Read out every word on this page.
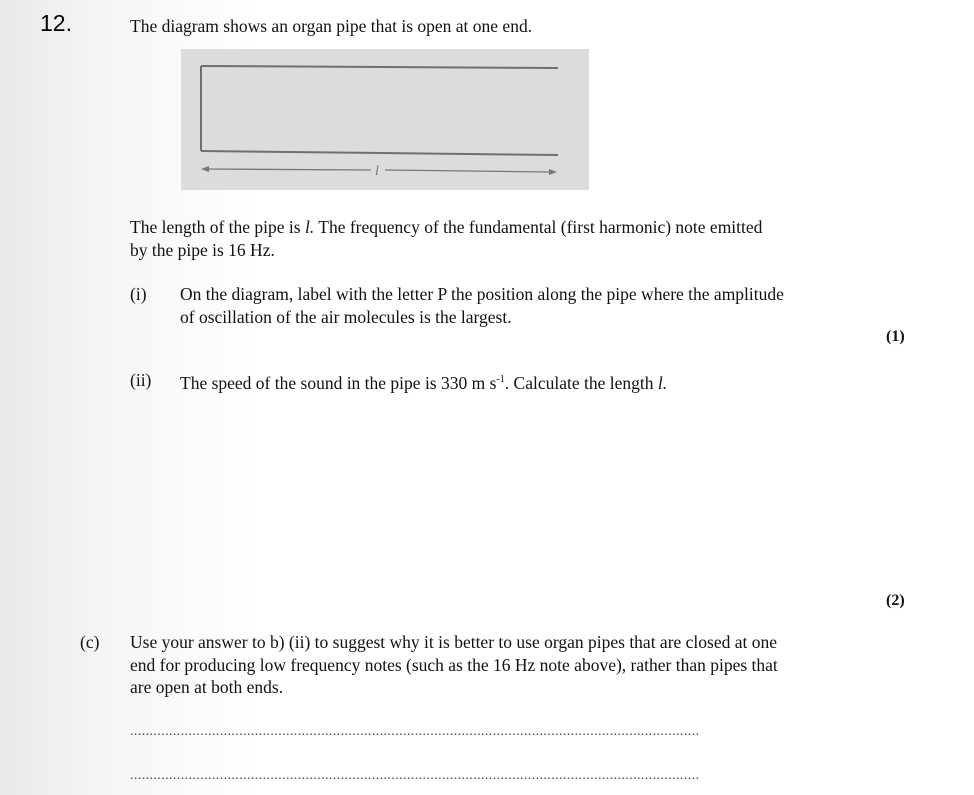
12.	The diagram shows an organ pipe that is open at one end.
l
The length of the pipe is l. The frequency of the fundamental (first harmonic) note emitted
by the pipe is 16 Hz.
(i) On the diagram, label with the letter P the position along the pipe where the amplitude
of oscillation of the air molecules is the largest.
(1)
(ii) The speed of the sound in the pipe is 330 m $s^{-1}$. Calculate the length l.
(2)
(c) Use your answer to b) (ii) to suggest why it is better to use organ pipes that are closed at one
end for producing low frequency notes (such as the 16 Hz note above), rather than pipes that
are open at both ends.
..................................................................................................................................................
..................................................................................................................................................
